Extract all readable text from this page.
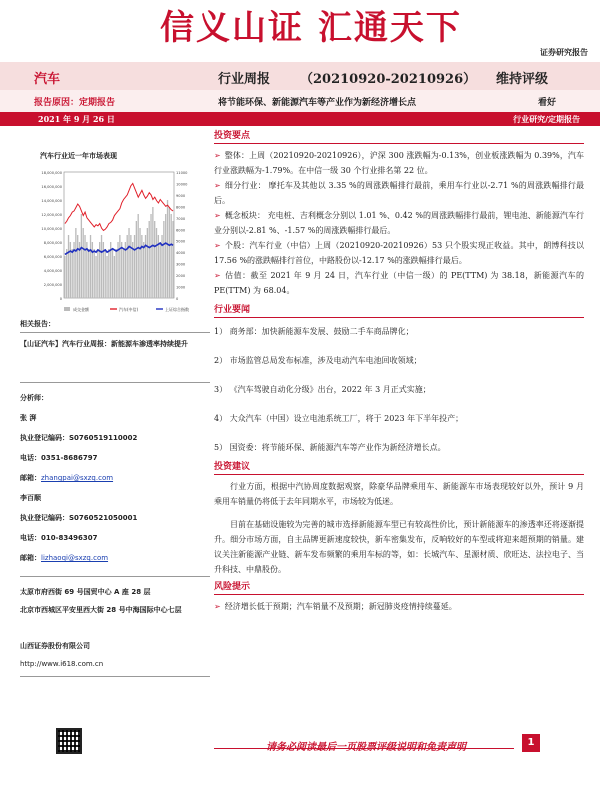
信义山证 汇通天下
证券研究报告
汽车	行业周报 （20210920-20210926） 维持评级
报告原因：定期报告	将节能环保、新能源汽车等产业作为新经济增长点	看好
2021 年 9 月 26 日	行业研究/定期报告
汽车行业近一年市场表现
18,000,000
16,000,000
14,000,000
12,000,000
10,000,000
8,000,000
6,000,000
4,000,000
2,000,000
0
11000
10000
9000
8000
7000
6000
5000
4000
3000
2000
1000
0
成交金额	汽车(中信)	上证综合指数
相关报告：
【山证汽车】汽车行业周报：新能源车渗透率持续提升
分析师：
张 湃
执业登记编码：S0760519110002
电话：0351-8686797
邮箱：zhangpai@sxzq.com
李百顺
执业登记编码：S0760521050001
电话：010-83496307
邮箱：lizhaoqi@sxzq.com
太原市府西街 69 号国贸中心 A 座 28 层
北京市西城区平安里西大街 28 号中海国际中心七层
山西证券股份有限公司
http://www.i618.com.cn
投资要点

➢ 整体：上周（20210920-20210926），沪深 300 涨跌幅为-0.13%，创业板涨跌幅为 0.39%，汽车行业涨跌幅为-1.79%。在中信一级 30 个行业排名第 22 位。

➢ 细分行业： 摩托车及其他以 3.35 %的周涨跌幅排行最前，乘用车行业以-2.71 %的周涨跌幅排行最后。

➢ 概念板块： 充电桩、吉利概念分别以 1.01 %、0.42 %的周涨跌幅排行最前，锂电池、新能源汽车行业分别以-2.81 %、-1.57 %的周涨跌幅排行最后。

➢ 个股：汽车行业（中信）上周（20210920-20210926）53 只个股实现正收益。其中，朗博科技以 17.56 %的涨跌幅排行首位，中路股份以-12.17 %的涨跌幅排行最后。

➢ 估值：截至 2021 年 9 月 24 日，汽车行业（中信一级）的 PE(TTM) 为 38.18，新能源汽车的 PE(TTM) 为 68.04。

行业要闻

1） 商务部：加快新能源车发展、鼓励二手车商品牌化；

2） 市场监管总局发布标准，涉及电动汽车电池回收领域；

3） 《汽车驾驶自动化分级》出台，2022 年 3 月正式实施；

4） 大众汽车（中国）设立电池系统工厂，将于 2023 年下半年投产；

5） 国资委：将节能环保、新能源汽车等产业作为新经济增长点。

投资建议

行业方面，根据中汽协周度数据观察，除豪华品牌乘用车、新能源车市场表现较好以外，预计 9 月乘用车销量仍将低于去年同期水平，市场较为低迷。

目前在基础设施较为完善的城市选择新能源车型已有较高性价比，预计新能源车的渗透率还将逐渐提升。细分市场方面，自主品牌更新速度较快，新车密集发布，反响较好的车型或将迎来超预期的销量。建议关注新能源产业链、新车发布频繁的乘用车标的等，如：长城汽车、星源材质、欣旺达、法拉电子、当升科技、中鼎股份。

风险提示

➢ 经济增长低于预期；汽车销量不及预期；新冠肺炎疫情持续蔓延。

1
